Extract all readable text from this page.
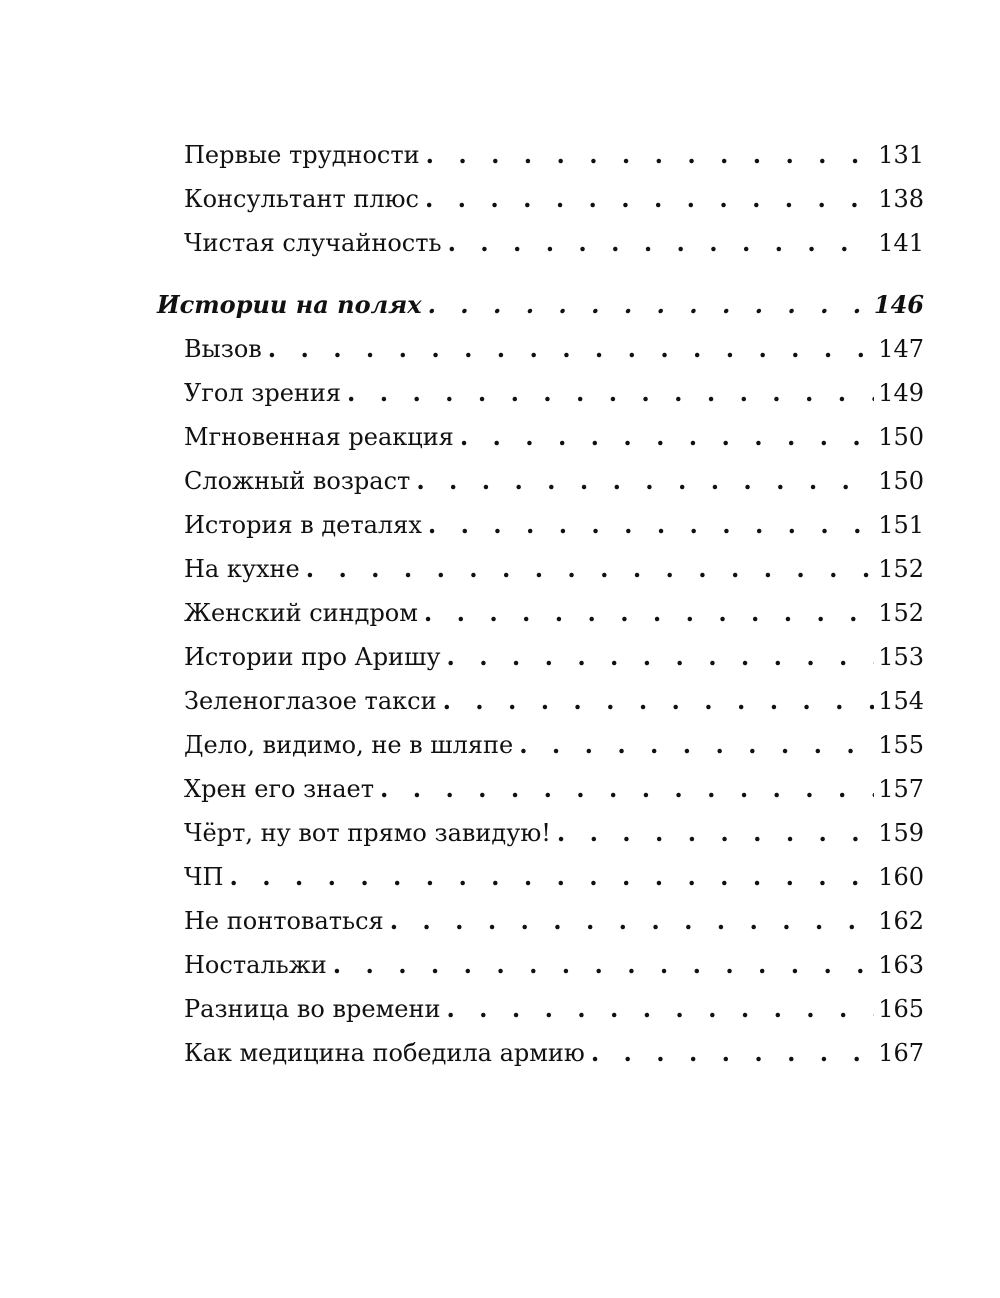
Первые трудности . . .	131
Консультант плюс . . .	138
Чистая случайность . . .	141
Истории на полях . . .	146
Вызов . . .	147
Угол зрения . . .	149
Мгновенная реакция . . .	150
Сложный возраст . . .	150
История в деталях . . .	151
На кухне . . .	152
Женский синдром . . .	152
Истории про Аришу . . .	153
Зеленоглазое такси . . .	154
Дело, видимо, не в шляпе . . .	155
Хрен его знает . . .	157
Чёрт, ну вот прямо завидую! . . .	159
ЧП . . .	160
Не понтоваться . . .	162
Ностальжи . . .	163
Разница во времени . . .	165
Как медицина победила армию . . .	167
